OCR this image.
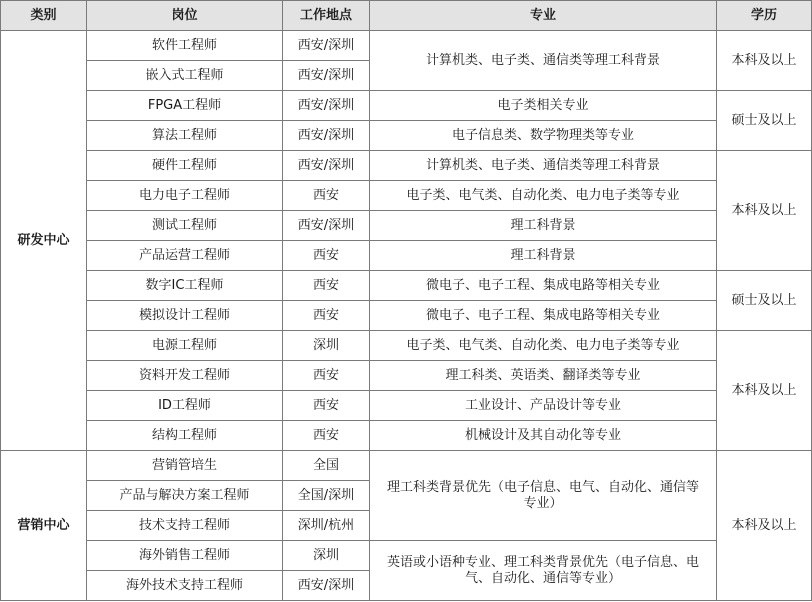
类别	岗位	工作地点	专业	学历
研发中心	软件工程师	西安/深圳	计算机类、电子类、通信类等理工科背景	本科及以上
	嵌入式工程师	西安/深圳		
	FPGA工程师	西安/深圳	电子类相关专业	硕士及以上
	算法工程师	西安/深圳	电子信息类、数学物理类等专业	
	硬件工程师	西安/深圳	计算机类、电子类、通信类等理工科背景	本科及以上
	电力电子工程师	西安	电子类、电气类、自动化类、电力电子类等专业	
	测试工程师	西安/深圳	理工科背景	
	产品运营工程师	西安	理工科背景	
	数字IC工程师	西安	微电子、电子工程、集成电路等相关专业	硕士及以上
	模拟设计工程师	西安	微电子、电子工程、集成电路等相关专业	
	电源工程师	深圳	电子类、电气类、自动化类、电力电子类等专业	本科及以上
	资料开发工程师	西安	理工科类、英语类、翻译类等专业	
	ID工程师	西安	工业设计、产品设计等专业	
	结构工程师	西安	机械设计及其自动化等专业	
营销中心	营销管培生	全国	理工科类背景优先（电子信息、电气、自动化、通信等专业）	本科及以上
	产品与解决方案工程师	全国/深圳		
	技术支持工程师	深圳/杭州		
	海外销售工程师	深圳	英语或小语种专业、理工科类背景优先（电子信息、电气、自动化、通信等专业）	
	海外技术支持工程师	西安/深圳		
